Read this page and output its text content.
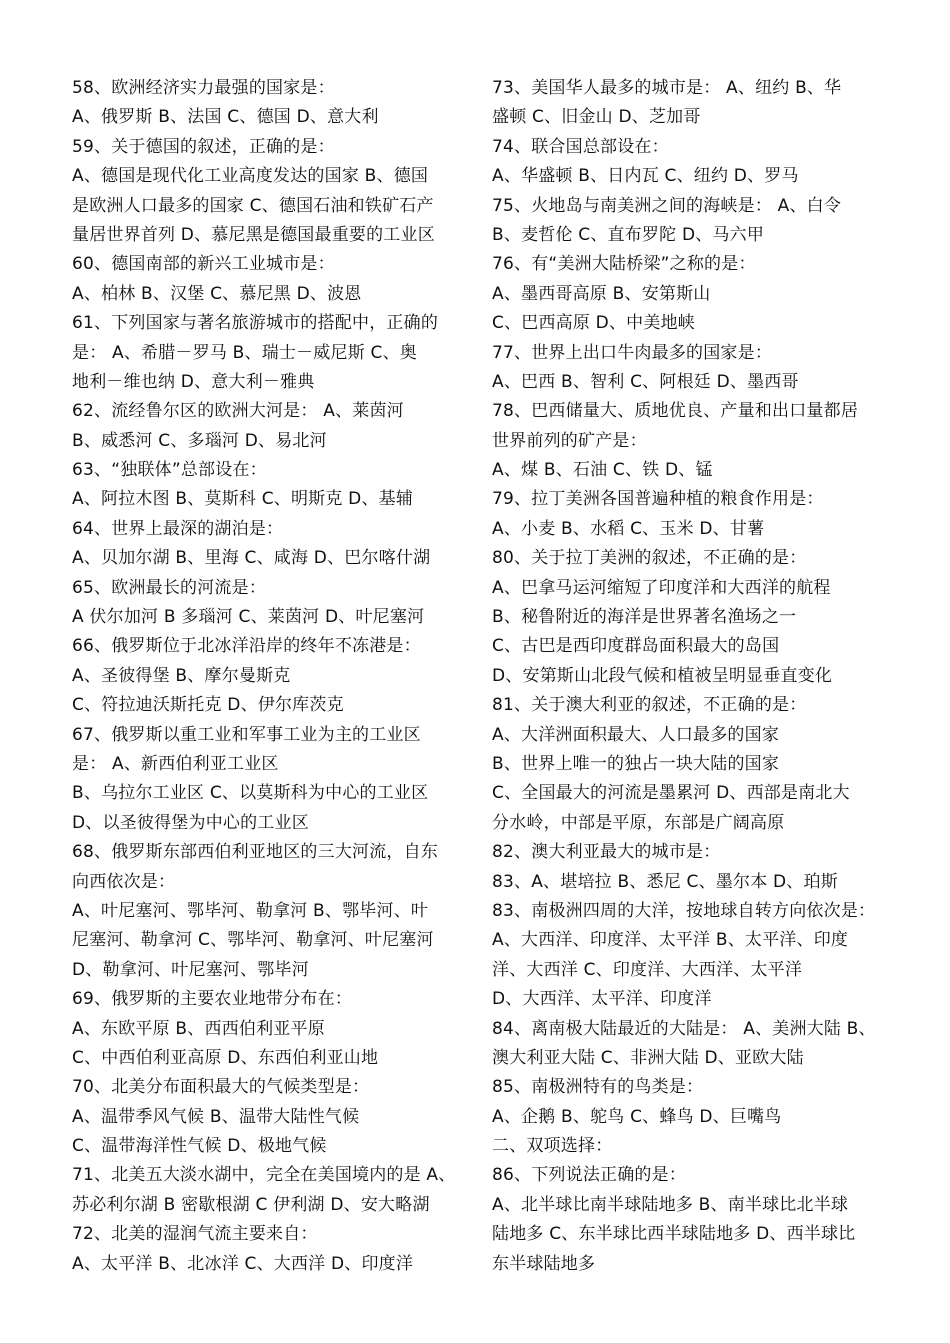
58、欧洲经济实力最强的国家是：
A、俄罗斯 B、法国 C、德国 D、意大利
59、关于德国的叙述，正确的是：
A、德国是现代化工业高度发达的国家 B、德国
是欧洲人口最多的国家 C、德国石油和铁矿石产
量居世界首列 D、慕尼黑是德国最重要的工业区
60、德国南部的新兴工业城市是：
A、柏林 B、汉堡 C、慕尼黑 D、波恩
61、下列国家与著名旅游城市的搭配中，正确的
是： A、希腊－罗马 B、瑞士－威尼斯 C、奥
地利－维也纳 D、意大利－雅典
62、流经鲁尔区的欧洲大河是： A、莱茵河
B、威悉河 C、多瑙河 D、易北河
63、“独联体”总部设在：
A、阿拉木图 B、莫斯科 C、明斯克 D、基辅
64、世界上最深的湖泊是：
A、贝加尔湖 B、里海 C、咸海 D、巴尔喀什湖
65、欧洲最长的河流是：
A 伏尔加河 B 多瑙河 C、莱茵河 D、叶尼塞河
66、俄罗斯位于北冰洋沿岸的终年不冻港是：
A、圣彼得堡 B、摩尔曼斯克
C、符拉迪沃斯托克 D、伊尔库茨克
67、俄罗斯以重工业和军事工业为主的工业区
是： A、新西伯利亚工业区
B、乌拉尔工业区 C、以莫斯科为中心的工业区
D、以圣彼得堡为中心的工业区
68、俄罗斯东部西伯利亚地区的三大河流，自东
向西依次是：
A、叶尼塞河、鄂毕河、勒拿河 B、鄂毕河、叶
尼塞河、勒拿河 C、鄂毕河、勒拿河、叶尼塞河
D、勒拿河、叶尼塞河、鄂毕河
69、俄罗斯的主要农业地带分布在：
A、东欧平原 B、西西伯利亚平原
C、中西伯利亚高原 D、东西伯利亚山地
70、北美分布面积最大的气候类型是：
A、温带季风气候 B、温带大陆性气候
C、温带海洋性气候 D、极地气候
71、北美五大淡水湖中，完全在美国境内的是 A、
苏必利尔湖 B 密歇根湖 C 伊利湖 D、安大略湖
72、北美的湿润气流主要来自：
A、太平洋 B、北冰洋 C、大西洋 D、印度洋
73、美国华人最多的城市是： A、纽约 B、华
盛顿 C、旧金山 D、芝加哥
74、联合国总部设在：
A、华盛顿 B、日内瓦 C、纽约 D、罗马
75、火地岛与南美洲之间的海峡是： A、白令
B、麦哲伦 C、直布罗陀 D、马六甲
76、有“美洲大陆桥梁”之称的是：
A、墨西哥高原 B、安第斯山
C、巴西高原 D、中美地峡
77、世界上出口牛肉最多的国家是：
A、巴西 B、智利 C、阿根廷 D、墨西哥
78、巴西储量大、质地优良、产量和出口量都居
世界前列的矿产是：
A、煤 B、石油 C、铁 D、锰
79、拉丁美洲各国普遍种植的粮食作用是：
A、小麦 B、水稻 C、玉米 D、甘薯
80、关于拉丁美洲的叙述，不正确的是：
A、巴拿马运河缩短了印度洋和大西洋的航程
B、秘鲁附近的海洋是世界著名渔场之一
C、古巴是西印度群岛面积最大的岛国
D、安第斯山北段气候和植被呈明显垂直变化
81、关于澳大利亚的叙述，不正确的是：
A、大洋洲面积最大、人口最多的国家
B、世界上唯一的独占一块大陆的国家
C、全国最大的河流是墨累河 D、西部是南北大
分水岭，中部是平原，东部是广阔高原
82、澳大利亚最大的城市是：
83、A、堪培拉 B、悉尼 C、墨尔本 D、珀斯
83、南极洲四周的大洋，按地球自转方向依次是：
A、大西洋、印度洋、太平洋 B、太平洋、印度
洋、大西洋 C、印度洋、大西洋、太平洋
D、大西洋、太平洋、印度洋
84、离南极大陆最近的大陆是： A、美洲大陆 B、
澳大利亚大陆 C、非洲大陆 D、亚欧大陆
85、南极洲特有的鸟类是：
A、企鹅 B、鸵鸟 C、蜂鸟 D、巨嘴鸟
二、双项选择：
86、下列说法正确的是：
A、北半球比南半球陆地多 B、南半球比北半球
陆地多 C、东半球比西半球陆地多 D、西半球比
东半球陆地多
